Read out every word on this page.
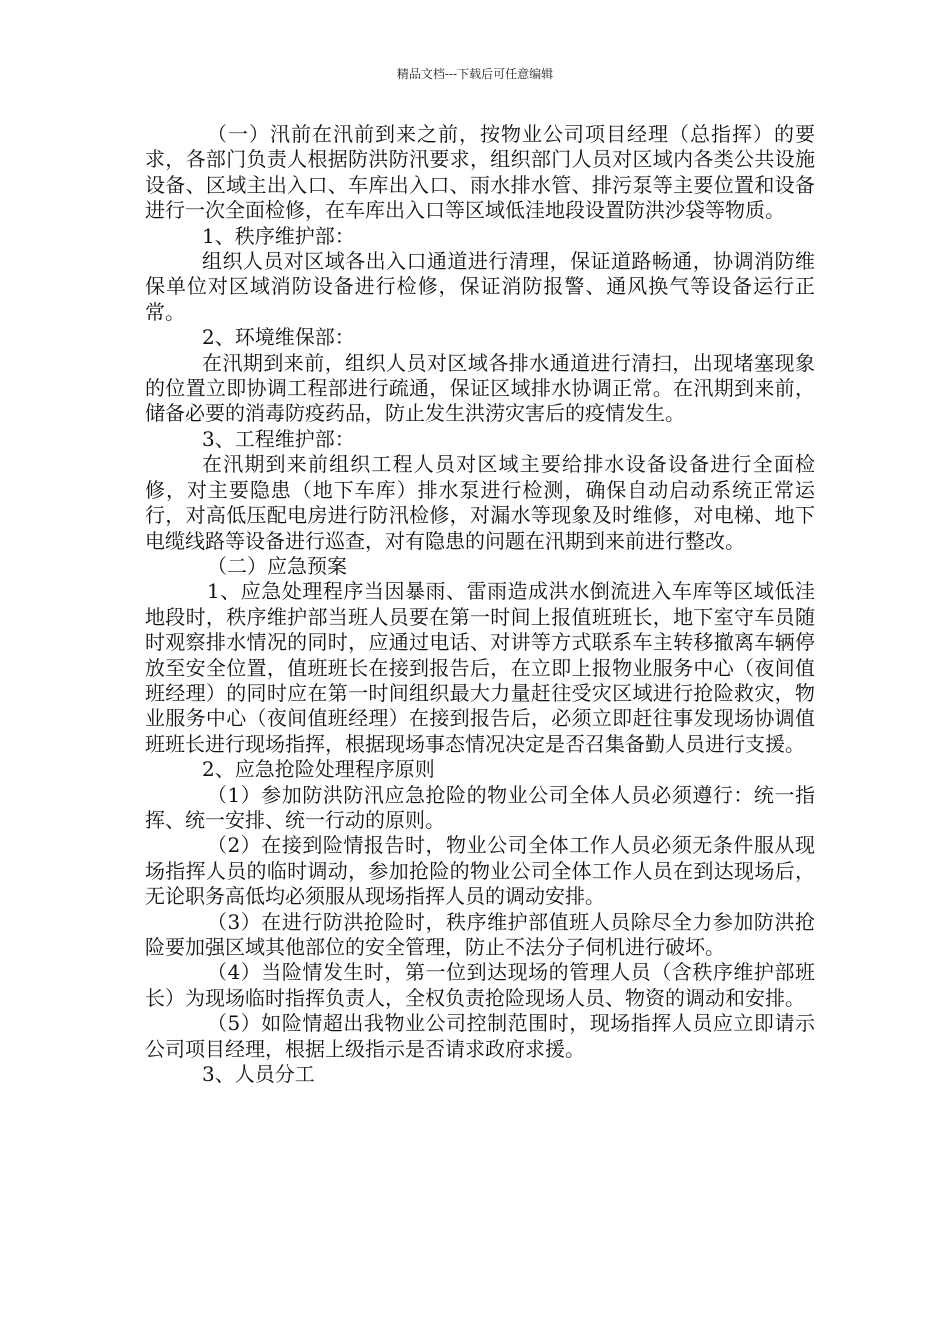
精品文档---下载后可任意编辑

（一）汛前在汛前到来之前，按物业公司项目经理（总指挥）的要求，各部门负责人根据防洪防汛要求，组织部门人员对区域内各类公共设施设备、区域主出入口、车库出入口、雨水排水管、排污泵等主要位置和设备进行一次全面检修，在车库出入口等区域低洼地段设置防洪沙袋等物质。

1、秩序维护部：

组织人员对区域各出入口通道进行清理，保证道路畅通，协调消防维保单位对区域消防设备进行检修，保证消防报警、通风换气等设备运行正常。

2、环境维保部：

在汛期到来前，组织人员对区域各排水通道进行清扫，出现堵塞现象的位置立即协调工程部进行疏通，保证区域排水协调正常。在汛期到来前，储备必要的消毒防疫药品，防止发生洪涝灾害后的疫情发生。

3、工程维护部：

在汛期到来前组织工程人员对区域主要给排水设备设备进行全面检修，对主要隐患（地下车库）排水泵进行检测，确保自动启动系统正常运行，对高低压配电房进行防汛检修，对漏水等现象及时维修，对电梯、地下电缆线路等设备进行巡查，对有隐患的问题在汛期到来前进行整改。

（二）应急预案

1、应急处理程序当因暴雨、雷雨造成洪水倒流进入车库等区域低洼地段时，秩序维护部当班人员要在第一时间上报值班班长，地下室守车员随时观察排水情况的同时，应通过电话、对讲等方式联系车主转移撤离车辆停放至安全位置，值班班长在接到报告后，在立即上报物业服务中心（夜间值班经理）的同时应在第一时间组织最大力量赶往受灾区域进行抢险救灾，物业服务中心（夜间值班经理）在接到报告后，必须立即赶往事发现场协调值班班长进行现场指挥，根据现场事态情况决定是否召集备勤人员进行支援。

2、应急抢险处理程序原则

（1）参加防洪防汛应急抢险的物业公司全体人员必须遵行：统一指挥、统一安排、统一行动的原则。

（2）在接到险情报告时，物业公司全体工作人员必须无条件服从现场指挥人员的临时调动，参加抢险的物业公司全体工作人员在到达现场后，无论职务高低均必须服从现场指挥人员的调动安排。

（3）在进行防洪抢险时，秩序维护部值班人员除尽全力参加防洪抢险要加强区域其他部位的安全管理，防止不法分子伺机进行破坏。

（4）当险情发生时，第一位到达现场的管理人员（含秩序维护部班长）为现场临时指挥负责人，全权负责抢险现场人员、物资的调动和安排。

（5）如险情超出我物业公司控制范围时，现场指挥人员应立即请示公司项目经理，根据上级指示是否请求政府求援。

3、人员分工
